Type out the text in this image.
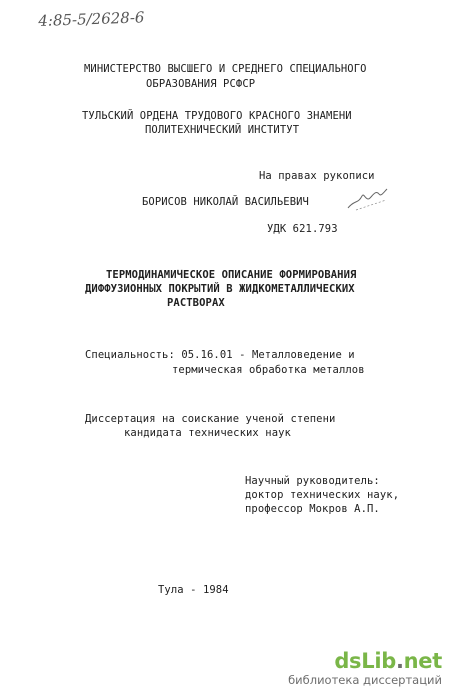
4:85-5/2628-6
МИНИСТЕРСТВО ВЫСШЕГО И СРЕДНЕГО СПЕЦИАЛЬНОГО
ОБРАЗОВАНИЯ РСФСР
ТУЛЬСКИЙ ОРДЕНА ТРУДОВОГО КРАСНОГО ЗНАМЕНИ
ПОЛИТЕХНИЧЕСКИЙ ИНСТИТУТ
На правах рукописи
БОРИСОВ НИКОЛАЙ ВАСИЛЬЕВИЧ
УДК 621.793
ТЕРМОДИНАМИЧЕСКОЕ ОПИСАНИЕ ФОРМИРОВАНИЯ
ДИФФУЗИОННЫХ ПОКРЫТИЙ В ЖИДКОМЕТАЛЛИЧЕСКИХ
РАСТВОРАХ
Специальность: 05.16.01 - Металловедение и
термическая обработка металлов
Диссертация на соискание ученой степени
кандидата технических наук
Научный руководитель:
доктор технических наук,
профессор Мокров А.П.
Тула - 1984
dsLib.net
библиотека диссертаций
